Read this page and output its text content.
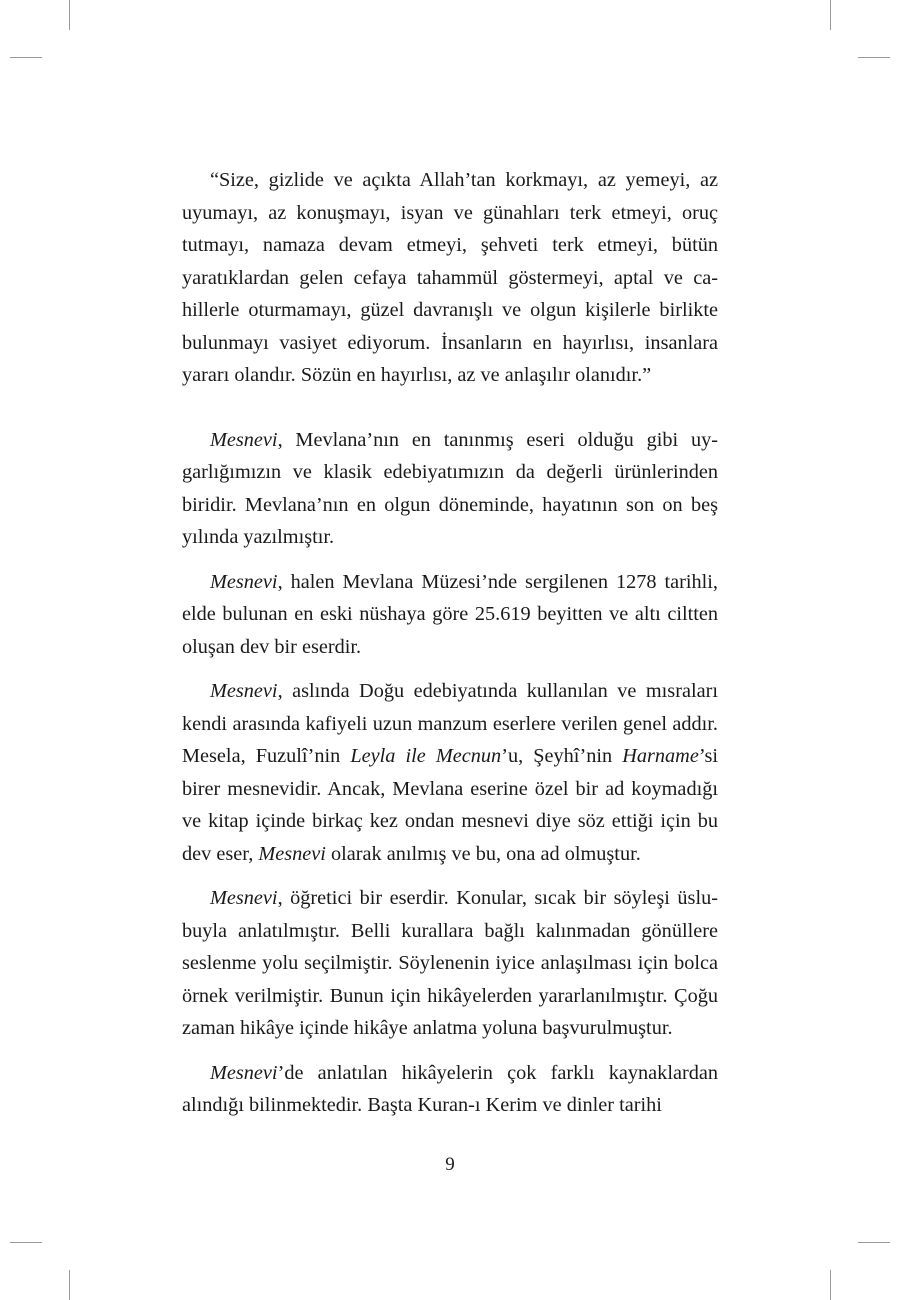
“Size, gizlide ve açıkta Allah’tan korkmayı, az yemeyi, az uyumayı, az konuşmayı, isyan ve günahları terk etmeyi, oruç tutmayı, namaza devam etmeyi, şehveti terk etmeyi, bütün yaratıklardan gelen cefaya tahammül göstermeyi, aptal ve cahillerle oturmamayı, güzel davranışlı ve olgun kişilerle birlikte bulunmayı vasiyet ediyorum. İnsanların en hayırlısı, insanlara yararı olandır. Sözün en hayırlısı, az ve anlaşılır olanıdır.”

Mesnevi, Mevlana’nın en tanınmış eseri olduğu gibi uygarlığımızın ve klasik edebiyatımızın da değerli ürünlerinden biridir. Mevlana’nın en olgun döneminde, hayatının son on beş yılında yazılmıştır.

Mesnevi, halen Mevlana Müzesi’nde sergilenen 1278 tarihli, elde bulunan en eski nüshaya göre 25.619 beyitten ve altı ciltten oluşan dev bir eserdir.

Mesnevi, aslında Doğu edebiyatında kullanılan ve mısraları kendi arasında kafiyeli uzun manzum eserlere verilen genel addır. Mesela, Fuzulî’nin Leyla ile Mecnun’u, Şeyhî’nin Harname’si birer mesnevidir. Ancak, Mevlana eserine özel bir ad koymadığı ve kitap içinde birkaç kez ondan mesnevi diye söz ettiği için bu dev eser, Mesnevi olarak anılmış ve bu, ona ad olmuştur.

Mesnevi, öğretici bir eserdir. Konular, sıcak bir söyleşi üslubuyla anlatılmıştır. Belli kurallara bağlı kalınmadan gönüllere seslenme yolu seçilmiştir. Söylenenin iyice anlaşılması için bolca örnek verilmiştir. Bunun için hikâyelerden yararlanılmıştır. Çoğu zaman hikâye içinde hikâye anlatma yoluna başvurulmuştur.

Mesnevi’de anlatılan hikâyelerin çok farklı kaynaklardan alındığı bilinmektedir. Başta Kuran-ı Kerim ve dinler tarihi

9
